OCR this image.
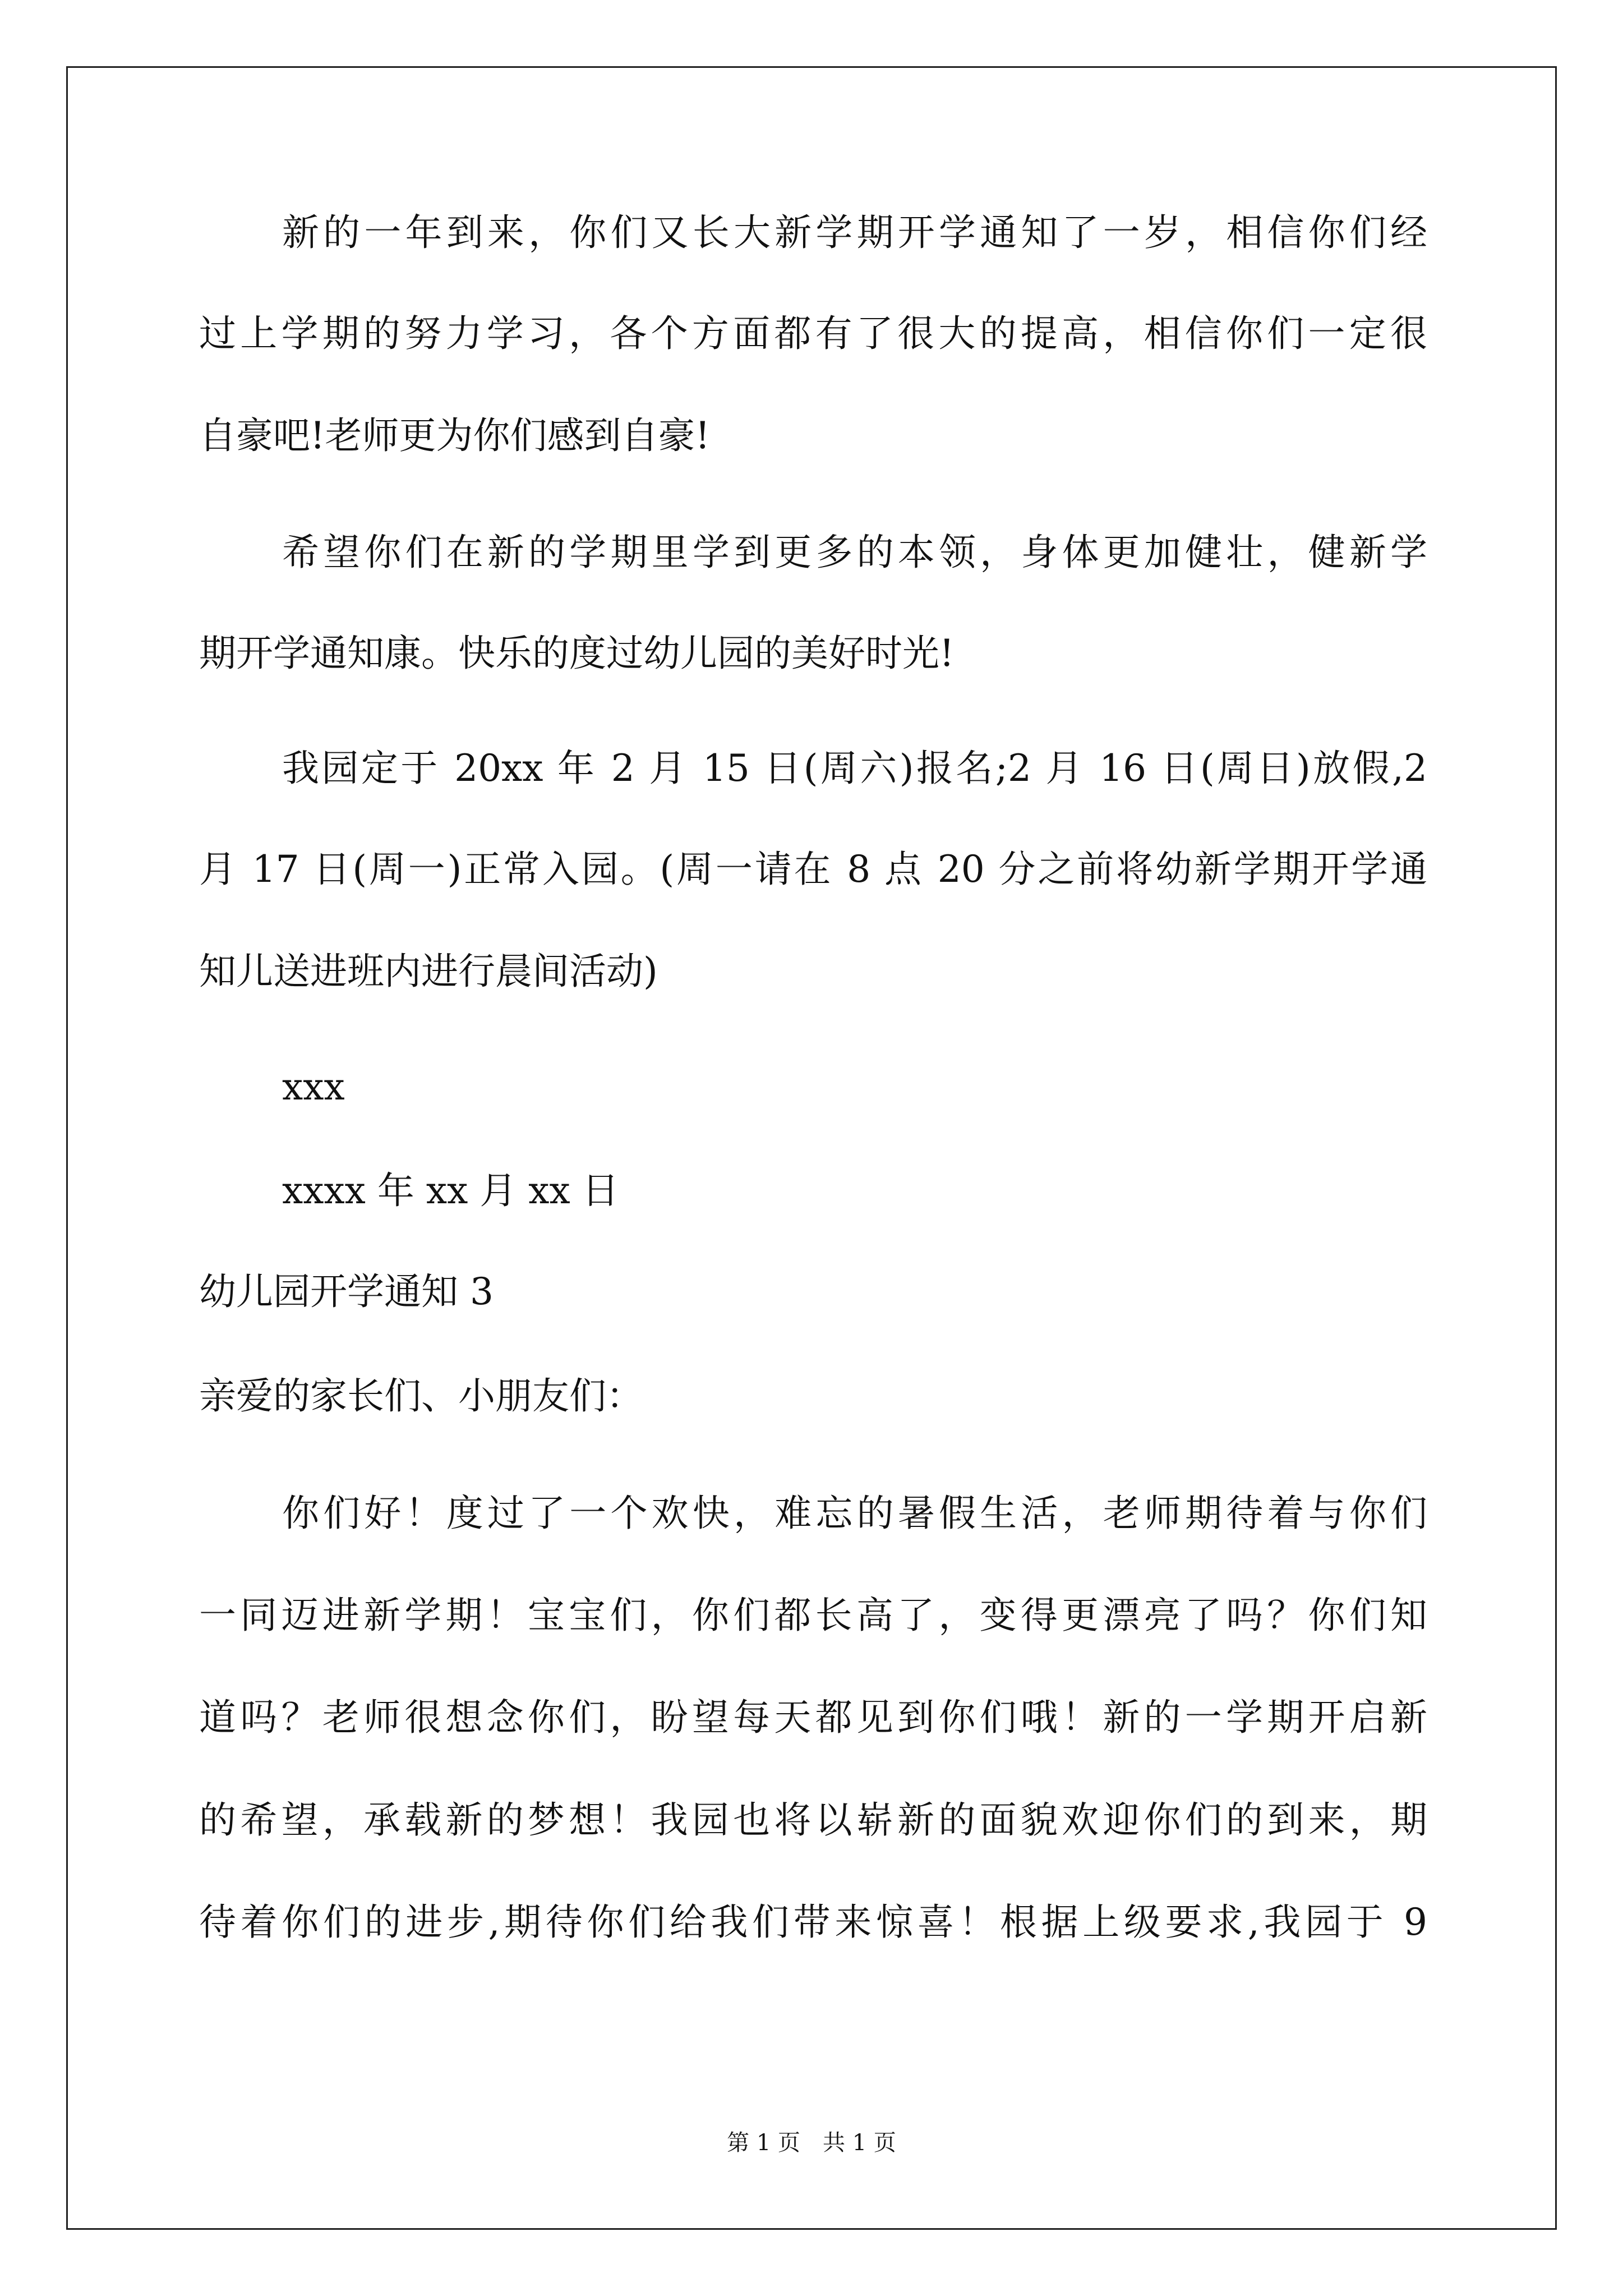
新的一年到来，你们又长大新学期开学通知了一岁，相信你们经
过上学期的努力学习，各个方面都有了很大的提高，相信你们一定很
自豪吧!老师更为你们感到自豪!
希望你们在新的学期里学到更多的本领，身体更加健壮，健新学
期开学通知康。快乐的度过幼儿园的美好时光!
我园定于 20xx 年 2 月 15 日(周六)报名;2 月 16 日(周日)放假,2
月 17 日(周一)正常入园。(周一请在 8 点 20 分之前将幼新学期开学通
知儿送进班内进行晨间活动)
xxx
xxxx 年 xx 月 xx 日
幼儿园开学通知 3
亲爱的家长们、小朋友们：
你们好！度过了一个欢快，难忘的暑假生活，老师期待着与你们
一同迈进新学期！宝宝们，你们都长高了，变得更漂亮了吗？你们知
道吗？老师很想念你们，盼望每天都见到你们哦！新的一学期开启新
的希望，承载新的梦想！我园也将以崭新的面貌欢迎你们的到来，期
待着你们的进步,期待你们给我们带来惊喜！根据上级要求,我园于 9
第 1 页　共 1 页
